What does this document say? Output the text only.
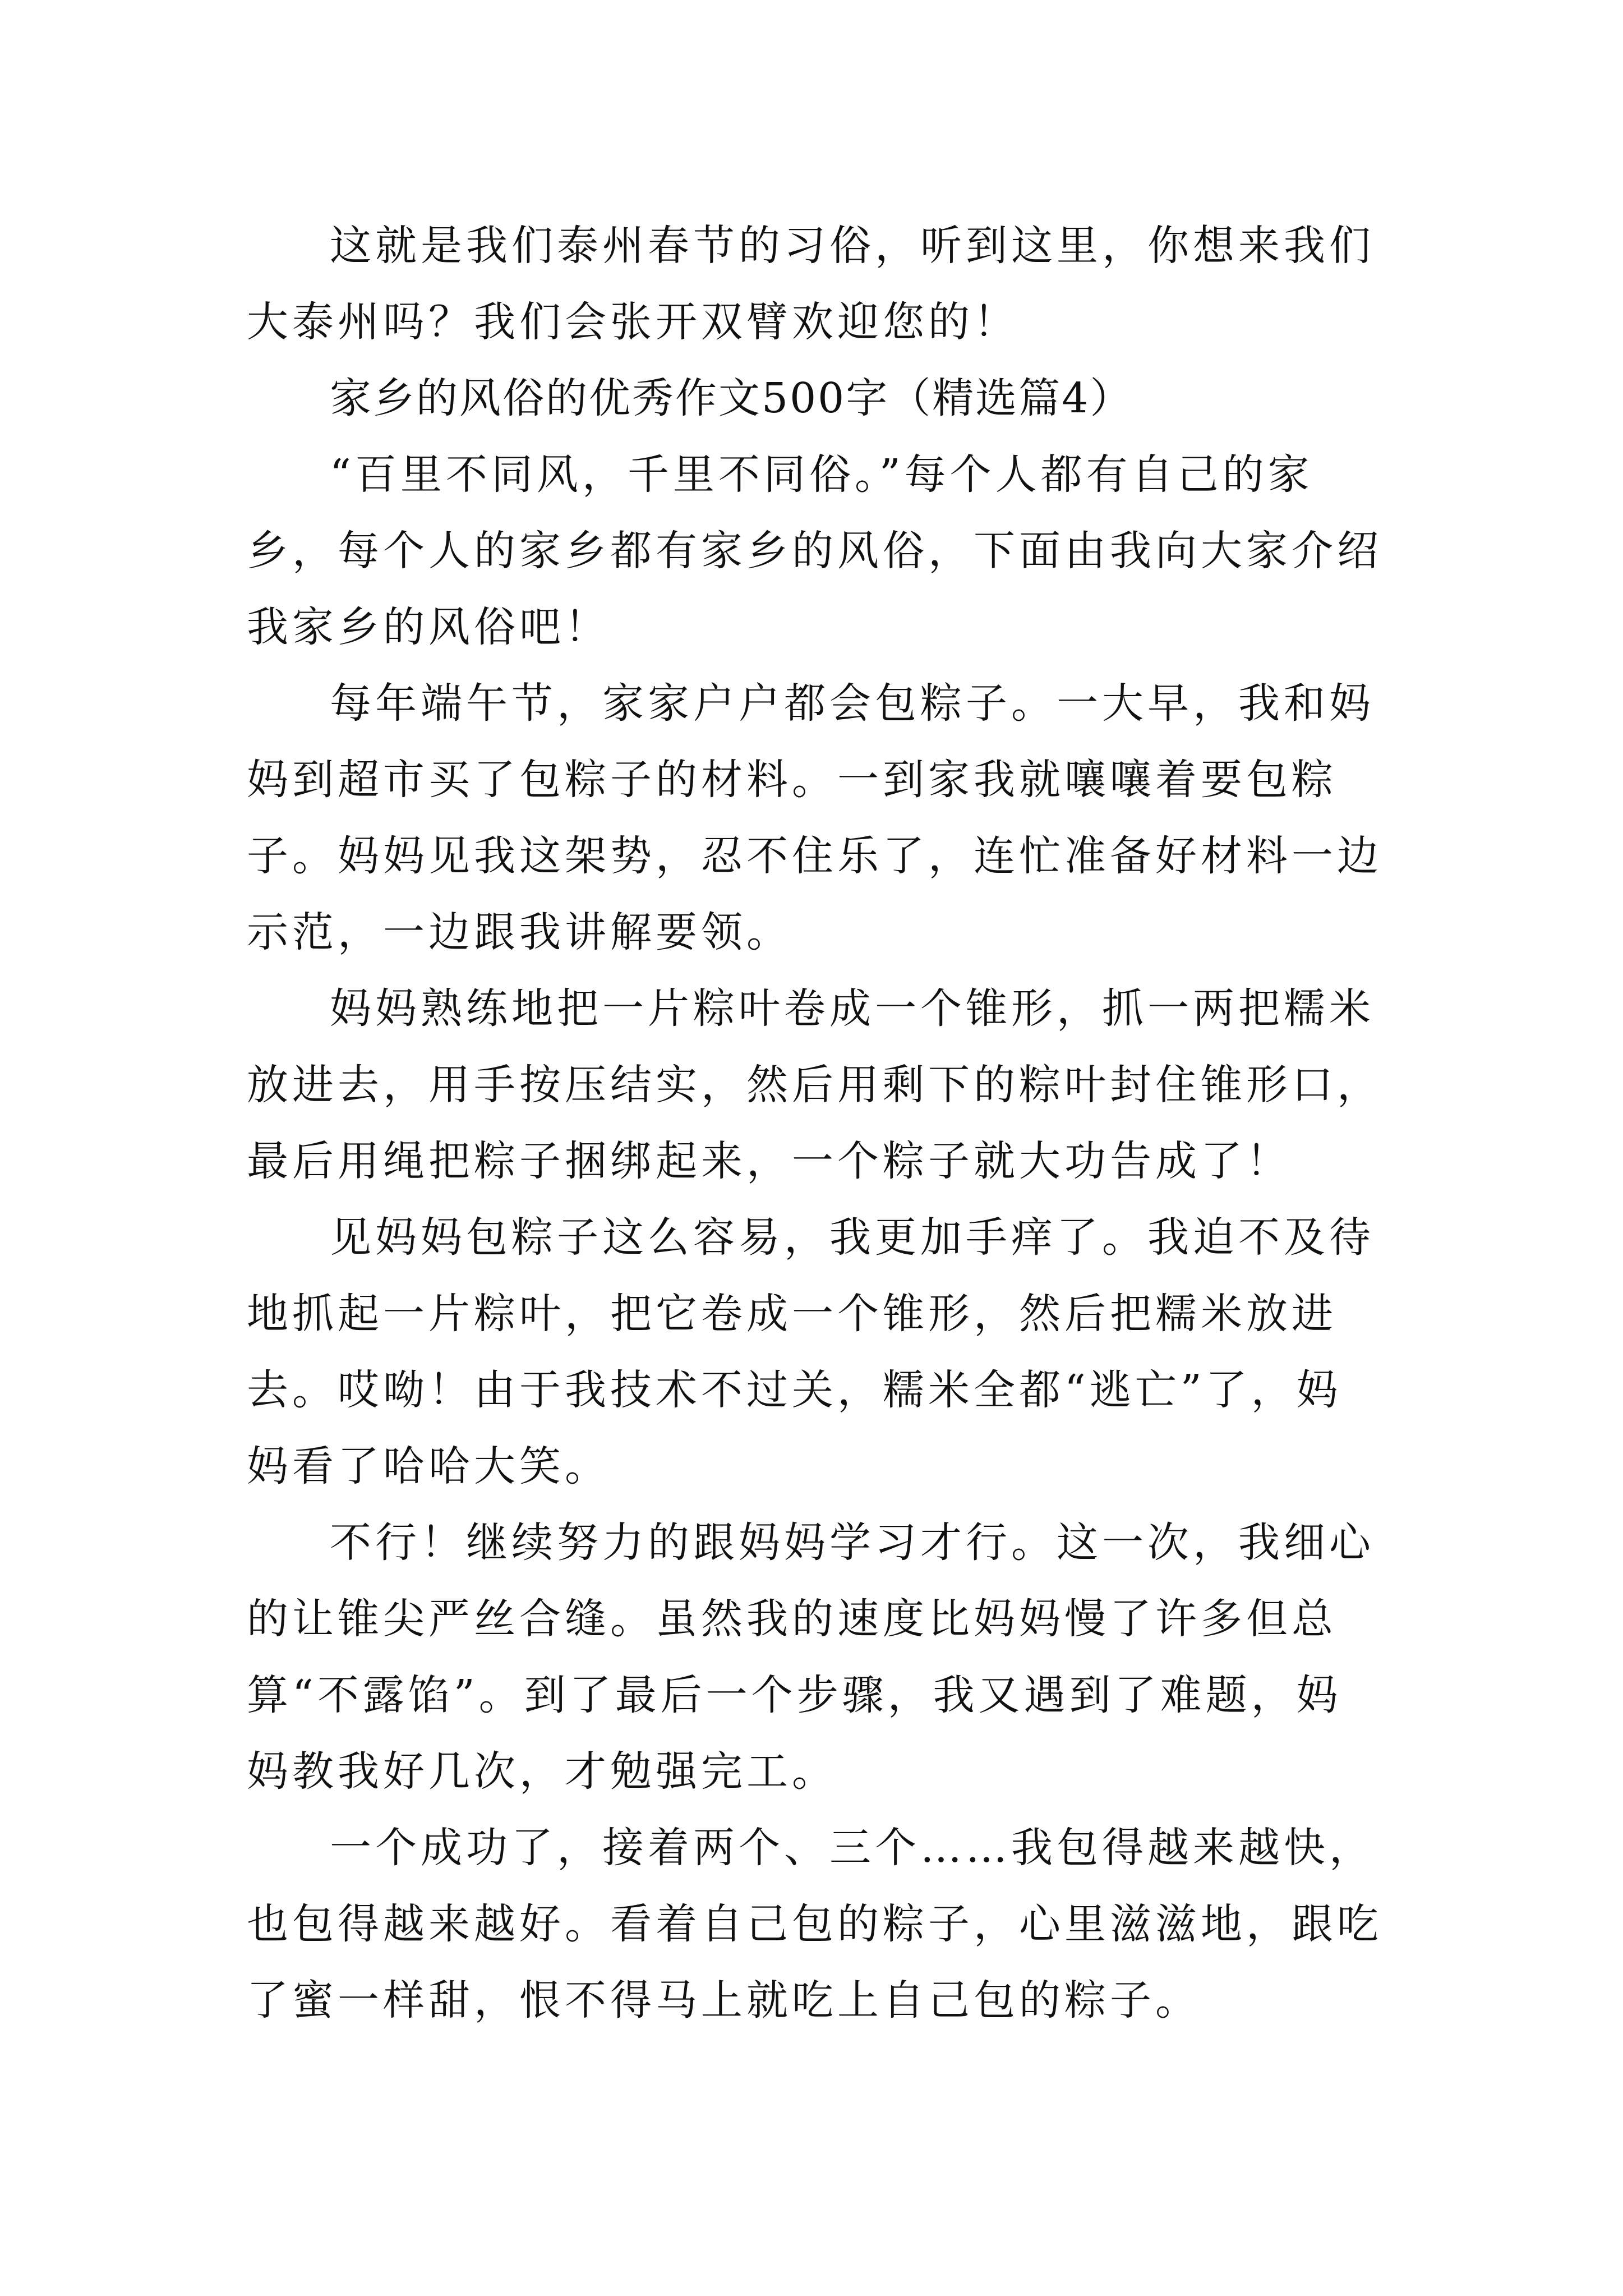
这就是我们泰州春节的习俗，听到这里，你想来我们大泰州吗？我们会张开双臂欢迎您的！

家乡的风俗的优秀作文500字（精选篇4）

“百里不同风，千里不同俗。”每个人都有自己的家乡，每个人的家乡都有家乡的风俗，下面由我向大家介绍我家乡的风俗吧！

每年端午节，家家户户都会包粽子。一大早，我和妈妈到超市买了包粽子的材料。一到家我就嚷嚷着要包粽子。妈妈见我这架势，忍不住乐了，连忙准备好材料一边示范，一边跟我讲解要领。

妈妈熟练地把一片粽叶卷成一个锥形，抓一两把糯米放进去，用手按压结实，然后用剩下的粽叶封住锥形口，最后用绳把粽子捆绑起来，一个粽子就大功告成了！

见妈妈包粽子这么容易，我更加手痒了。我迫不及待地抓起一片粽叶，把它卷成一个锥形，然后把糯米放进去。哎呦！由于我技术不过关，糯米全都“逃亡”了，妈妈看了哈哈大笑。

不行！继续努力的跟妈妈学习才行。这一次，我细心的让锥尖严丝合缝。虽然我的速度比妈妈慢了许多但总算“不露馅”。到了最后一个步骤，我又遇到了难题，妈妈教我好几次，才勉强完工。

一个成功了，接着两个、三个……我包得越来越快，也包得越来越好。看着自己包的粽子，心里滋滋地，跟吃了蜜一样甜，恨不得马上就吃上自己包的粽子。
